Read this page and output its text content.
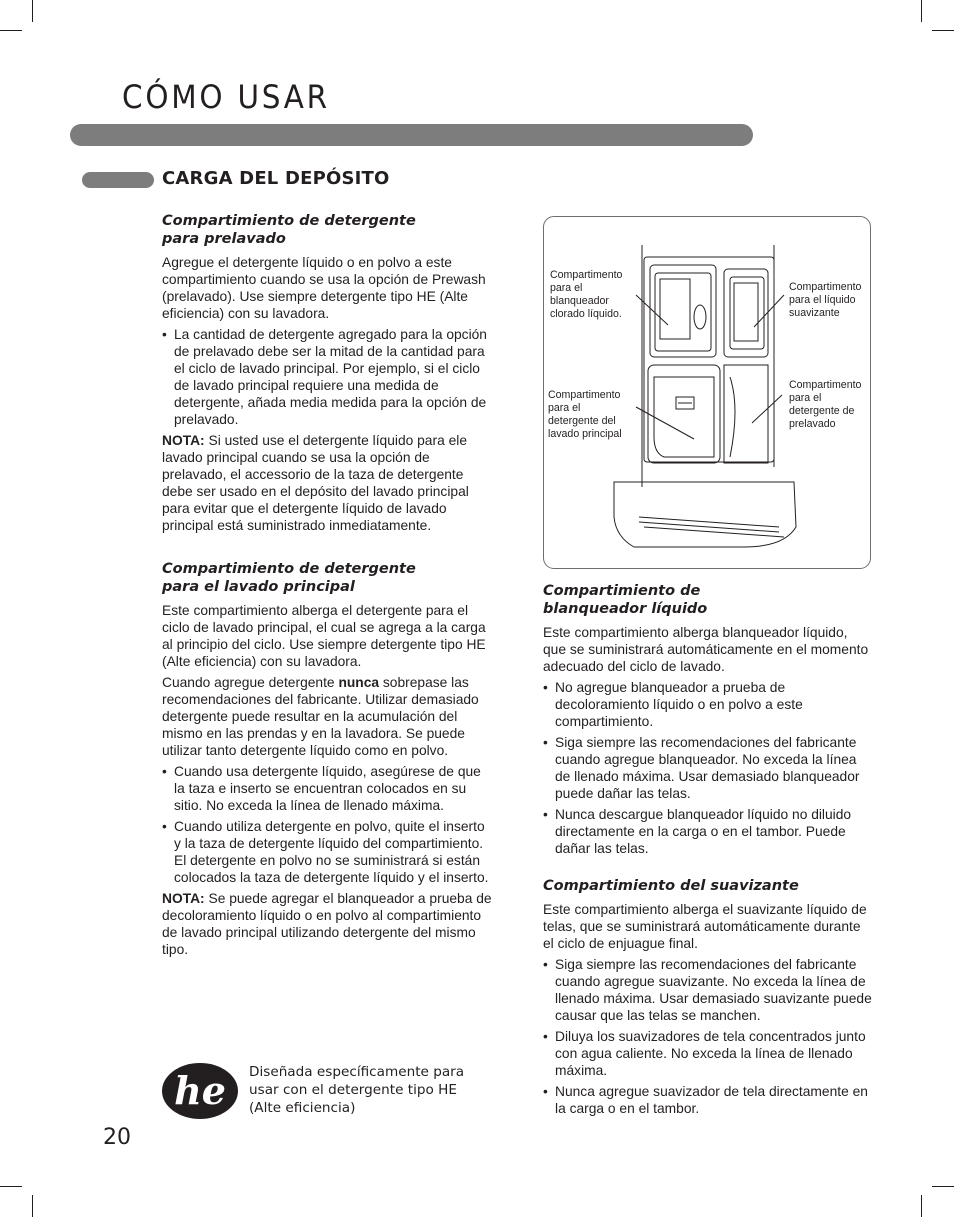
CÓMO USAR
CARGA DEL DEPÓSITO
Compartimiento de detergente
para prelavado

Agregue el detergente líquido o en polvo a este compartimiento cuando se usa la opción de Prewash (prelavado). Use siempre detergente tipo HE (Alte eficiencia) con su lavadora.

• La cantidad de detergente agregado para la opción de prelavado debe ser la mitad de la cantidad para el ciclo de lavado principal. Por ejemplo, si el ciclo de lavado principal requiere una medida de detergente, añada media medida para la opción de prelavado.

NOTA: Si usted use el detergente líquido para ele lavado principal cuando se usa la opción de prelavado, el accessorio de la taza de detergente debe ser usado en el depósito del lavado principal para evitar que el detergente líquido de lavado principal está suministrado inmediatamente.

Compartimiento de detergente
para el lavado principal

Este compartimiento alberga el detergente para el ciclo de lavado principal, el cual se agrega a la carga al principio del ciclo. Use siempre detergente tipo HE (Alte eficiencia) con su lavadora.

Cuando agregue detergente nunca sobrepase las recomendaciones del fabricante. Utilizar demasiado detergente puede resultar en la acumulación del mismo en las prendas y en la lavadora. Se puede utilizar tanto detergente líquido como en polvo.

• Cuando usa detergente líquido, asegúrese de que la taza e inserto se encuentran colocados en su sitio. No exceda la línea de llenado máxima.
• Cuando utiliza detergente en polvo, quite el inserto y la taza de detergente líquido del compartimiento. El detergente en polvo no se suministrará si están colocados la taza de detergente líquido y el inserto.

NOTA: Se puede agregar el blanqueador a prueba de decoloramiento líquido o en polvo al compartimiento de lavado principal utilizando detergente del mismo tipo.

he Diseñada específicamente para
usar con el detergente tipo HE
(Alte eficiencia)
20
Compartimento
para el
blanqueador
clorado líquido.
Compartimento
para el líquido
suavizante
Compartimento
para el
detergente del
lavado principal
Compartimento
para el
detergente de
prelavado
Compartimiento de
blanqueador líquido

Este compartimiento alberga blanqueador líquido, que se suministrará automáticamente en el momento adecuado del ciclo de lavado.

• No agregue blanqueador a prueba de decoloramiento líquido o en polvo a este compartimiento.
• Siga siempre las recomendaciones del fabricante cuando agregue blanqueador. No exceda la línea de llenado máxima. Usar demasiado blanqueador puede dañar las telas.
• Nunca descargue blanqueador líquido no diluido directamente en la carga o en el tambor. Puede dañar las telas.
Compartimiento del suavizante

Este compartimiento alberga el suavizante líquido de telas, que se suministrará automáticamente durante el ciclo de enjuague final.

• Siga siempre las recomendaciones del fabricante cuando agregue suavizante. No exceda la línea de llenado máxima. Usar demasiado suavizante puede causar que las telas se manchen.
• Diluya los suavizadores de tela concentrados junto con agua caliente. No exceda la línea de llenado máxima.
• Nunca agregue suavizador de tela directamente en la carga o en el tambor.
